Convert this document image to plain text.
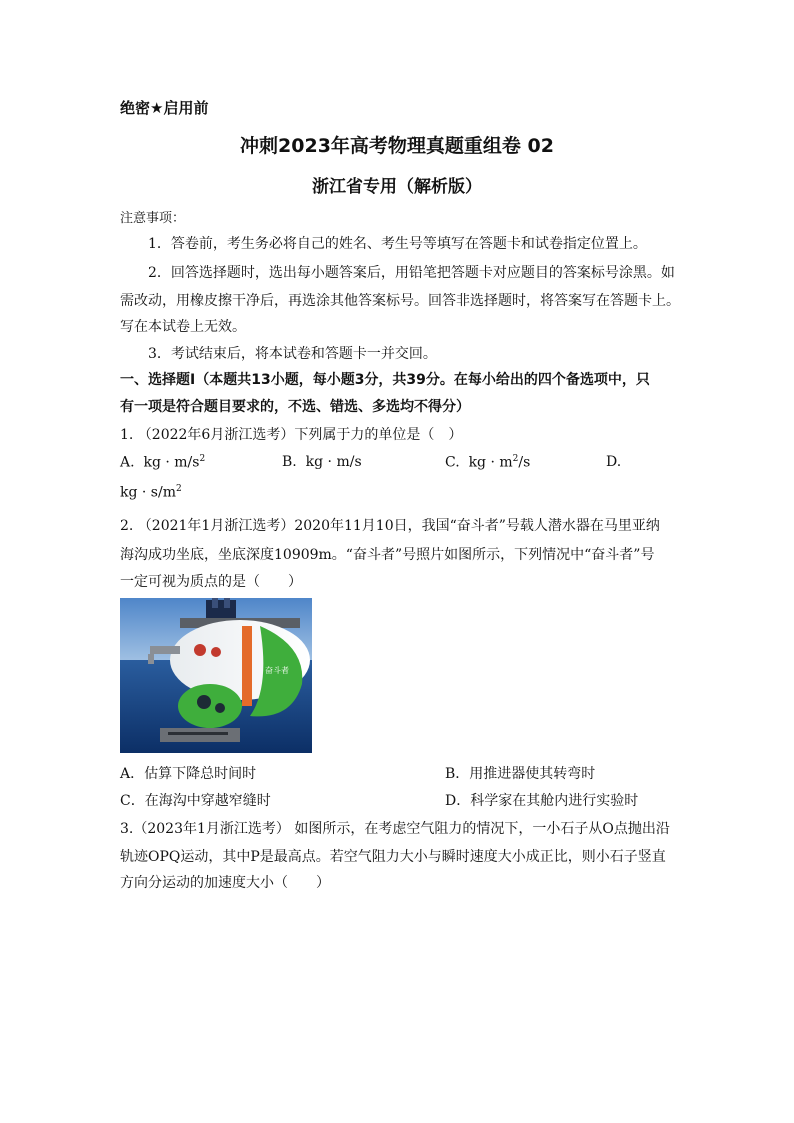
绝密★启用前
冲刺2023年高考物理真题重组卷 02
浙江省专用（解析版）
注意事项：
1．答卷前，考生务必将自己的姓名、考生号等填写在答题卡和试卷指定位置上。
2．回答选择题时，选出每小题答案后，用铅笔把答题卡对应题目的答案标号涂黑。如
需改动，用橡皮擦干净后，再选涂其他答案标号。回答非选择题时，将答案写在答题卡上。
写在本试卷上无效。
3．考试结束后，将本试卷和答题卡一并交回。
一、选择题Ⅰ（本题共13小题，每小题3分，共39分。在每小给出的四个备选项中，只
有一项是符合题目要求的，不选、错选、多选均不得分）
1. （2022年6月浙江选考）下列属于力的单位是（　）
A. kg · $m/s^2$	B. kg · m/s	C. kg · $m^2/s$	D.
kg · $s/m^2$
2. （2021年1月浙江选考）2020年11月10日，我国“奋斗者”号载人潜水器在马里亚纳
海沟成功坐底，坐底深度10909m。“奋斗者”号照片如图所示，下列情况中“奋斗者”号
一定可视为质点的是（　　）
奋斗者
A．估算下降总时间时	B．用推进器使其转弯时
C．在海沟中穿越窄缝时	D．科学家在其舱内进行实验时
3.（2023年1月浙江选考） 如图所示，在考虑空气阻力的情况下，一小石子从O点抛出沿
轨迹OPQ运动，其中P是最高点。若空气阻力大小与瞬时速度大小成正比，则小石子竖直
方向分运动的加速度大小（　　）
